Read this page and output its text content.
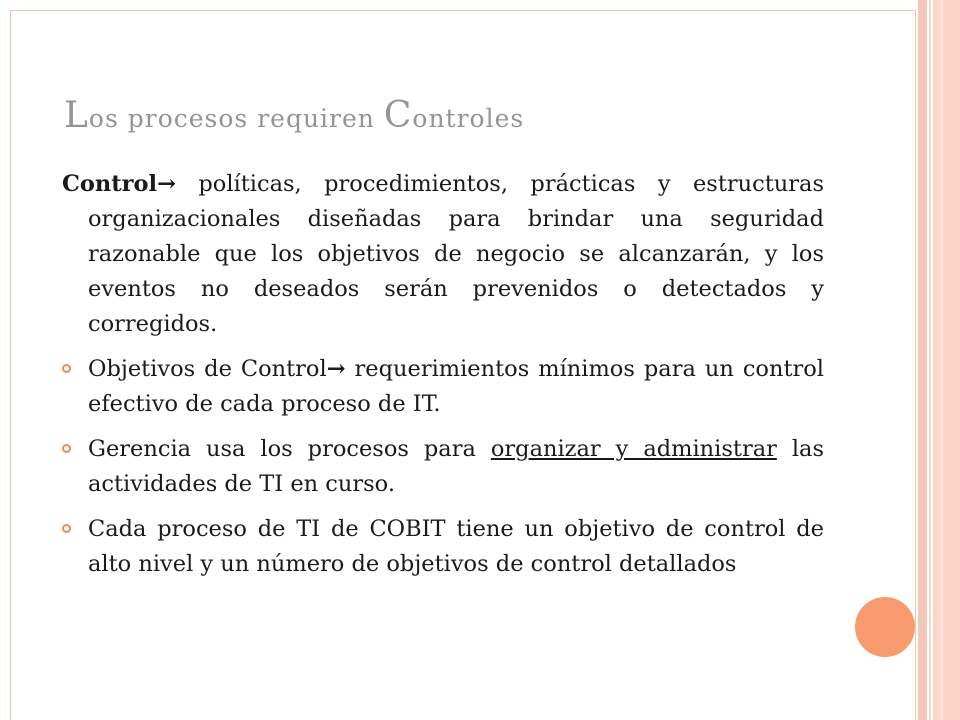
Los procesos requiren Controles

Control→ políticas, procedimientos, prácticas y estructuras organizacionales diseñadas para brindar una seguridad razonable que los objetivos de negocio se alcanzarán, y los eventos no deseados serán prevenidos o detectados y corregidos.

Objetivos de Control→ requerimientos mínimos para un control efectivo de cada proceso de IT.
Gerencia usa los procesos para organizar y administrar las actividades de TI en curso.
Cada proceso de TI de COBIT tiene un objetivo de control de alto nivel y un número de objetivos de control detallados
